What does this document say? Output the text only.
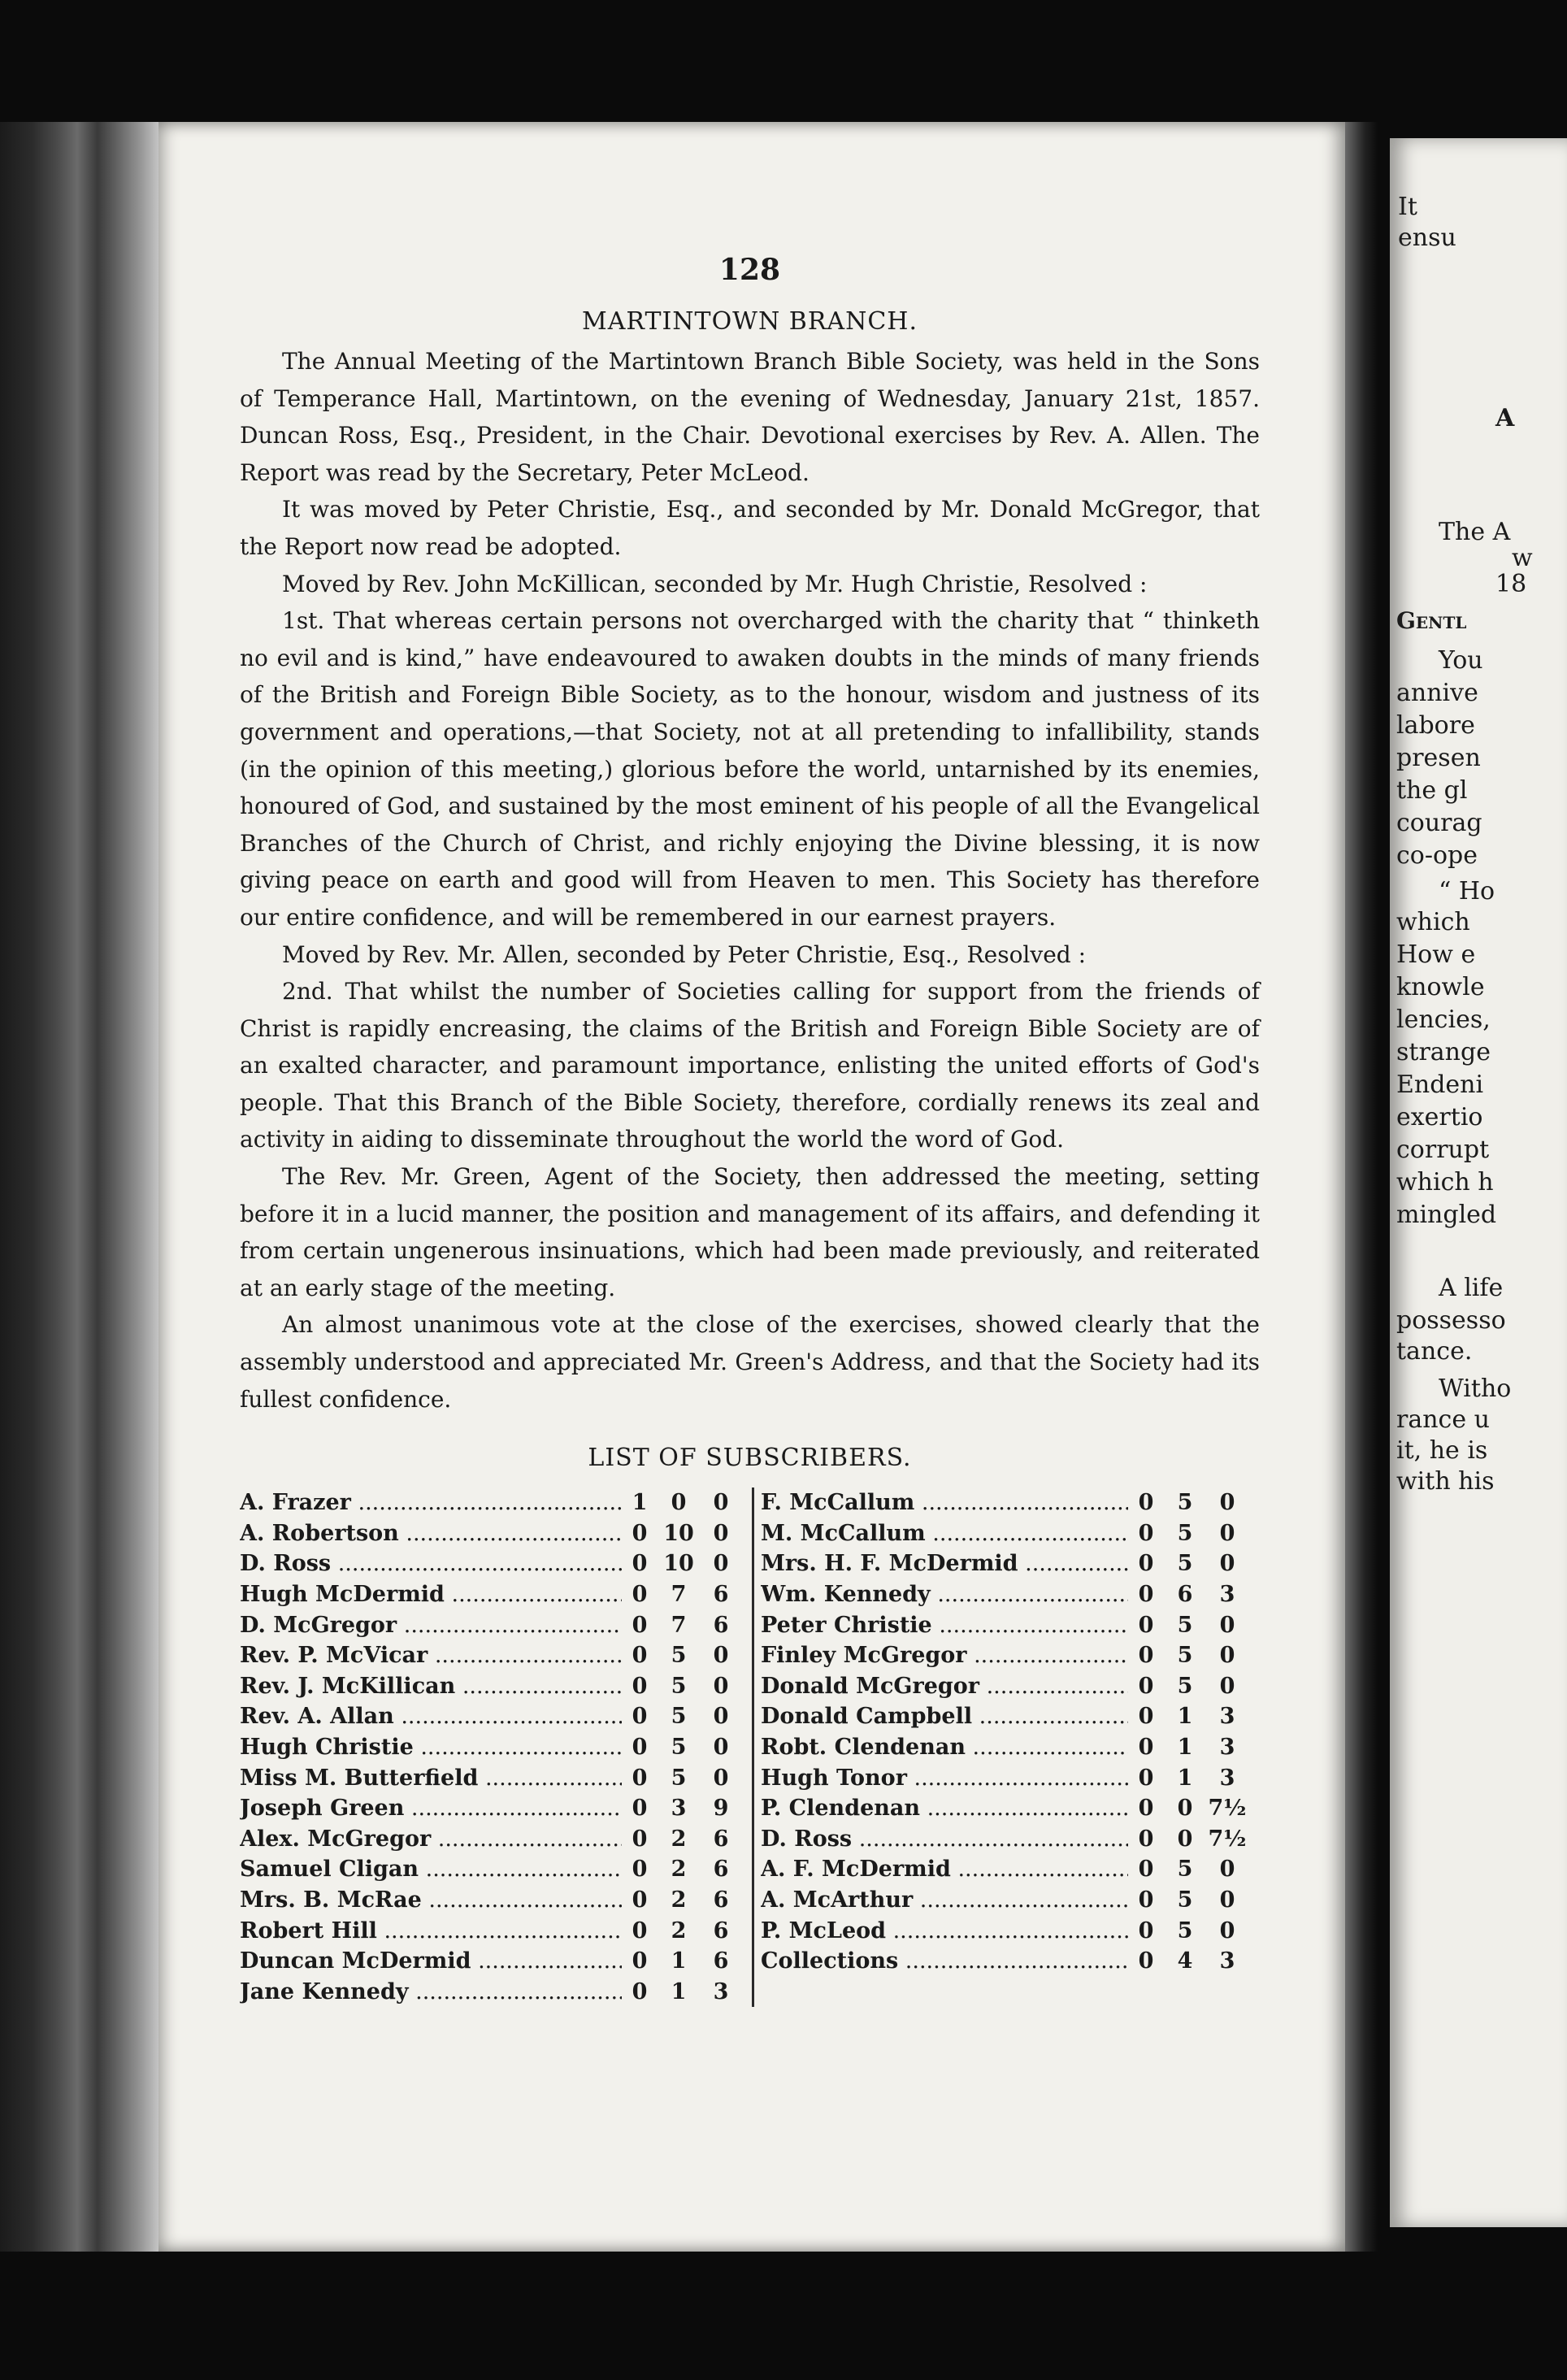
128
MARTINTOWN BRANCH.

The Annual Meeting of the Martintown Branch Bible Society, was held in the Sons of Temperance Hall, Martintown, on the evening of Wednesday, January 21st, 1857. Duncan Ross, Esq., President, in the Chair. Devotional exercises by Rev. A. Allen. The Report was read by the Secretary, Peter McLeod.

It was moved by Peter Christie, Esq., and seconded by Mr. Donald McGregor, that the Report now read be adopted.

Moved by Rev. John McKillican, seconded by Mr. Hugh Christie, Resolved :

1st. That whereas certain persons not overcharged with the charity that “ thinketh no evil and is kind,” have endeavoured to awaken doubts in the minds of many friends of the British and Foreign Bible Society, as to the honour, wisdom and justness of its government and operations,—that Society, not at all pretending to infallibility, stands (in the opinion of this meeting,) glorious before the world, untarnished by its enemies, honoured of God, and sustained by the most eminent of his people of all the Evangelical Branches of the Church of Christ, and richly enjoying the Divine blessing, it is now giving peace on earth and good will from Heaven to men. This Society has therefore our entire confidence, and will be remembered in our earnest prayers.

Moved by Rev. Mr. Allen, seconded by Peter Christie, Esq., Resolved :

2nd. That whilst the number of Societies calling for support from the friends of Christ is rapidly encreasing, the claims of the British and Foreign Bible Society are of an exalted character, and paramount importance, enlisting the united efforts of God's people. That this Branch of the Bible Society, therefore, cordially renews its zeal and activity in aiding to disseminate throughout the world the word of God.

The Rev. Mr. Green, Agent of the Society, then addressed the meeting, setting before it in a lucid manner, the position and management of its affairs, and defending it from certain ungenerous insinuations, which had been made previously, and reiterated at an early stage of the meeting.

An almost unanimous vote at the close of the exercises, showed clearly that the assembly understood and appreciated Mr. Green's Address, and that the Society had its fullest confidence.

LIST OF SUBSCRIBERS.
A. Frazer .....	1	0	0
A. Robertson .....	0 10 0
D. Ross .....	0 10 0
Hugh McDermid .....	0	7	6
D. McGregor .....	0	7	6
Rev. P. McVicar .....	0	5	0
Rev. J. McKillican .....	0	5	0
Rev. A. Allan .....	0	5	0
Hugh Christie .....	0	5	0
Miss M. Butterfield .....	0	5	0
Joseph Green .....	0	3	9
Alex. McGregor .....	0	2	6
Samuel Cligan .....	0	2	6
Mrs. B. McRae .....	0	2	6
Robert Hill .....	0	2	6
Duncan McDermid .....	0	1	6
Jane Kennedy .....	0	1	3
F. McCallum .....	0	5	0
M. McCallum .....	0	5	0
Mrs. H. F. McDermid .....	0	5	0
Wm. Kennedy .....	0	6	3
Peter Christie .....	0	5	0
Finley McGregor .....	0	5	0
Donald McGregor .....	0	5	0
Donald Campbell .....	0	1	3
Robt. Clendenan .....	0	1	3
Hugh Tonor .....	0	1	3
P. Clendenan .....	0	0 7½
D. Ross .....	0	0 7½
A. F. McDermid .....	0	5	0
A. McArthur .....	0	5	0
P. McLeod .....	0	5	0
Collections .....	0	4	3
It
ensu
A
The A
w
18
Gentl
You
annive
labore
presen
the gl
courag
co-ope
“ Ho
which
How e
knowle
lencies,
strange
Endeni
exertio
corrupt
which h
mingled
A life
possesso
tance.
Witho
rance u
it, he is
with his
